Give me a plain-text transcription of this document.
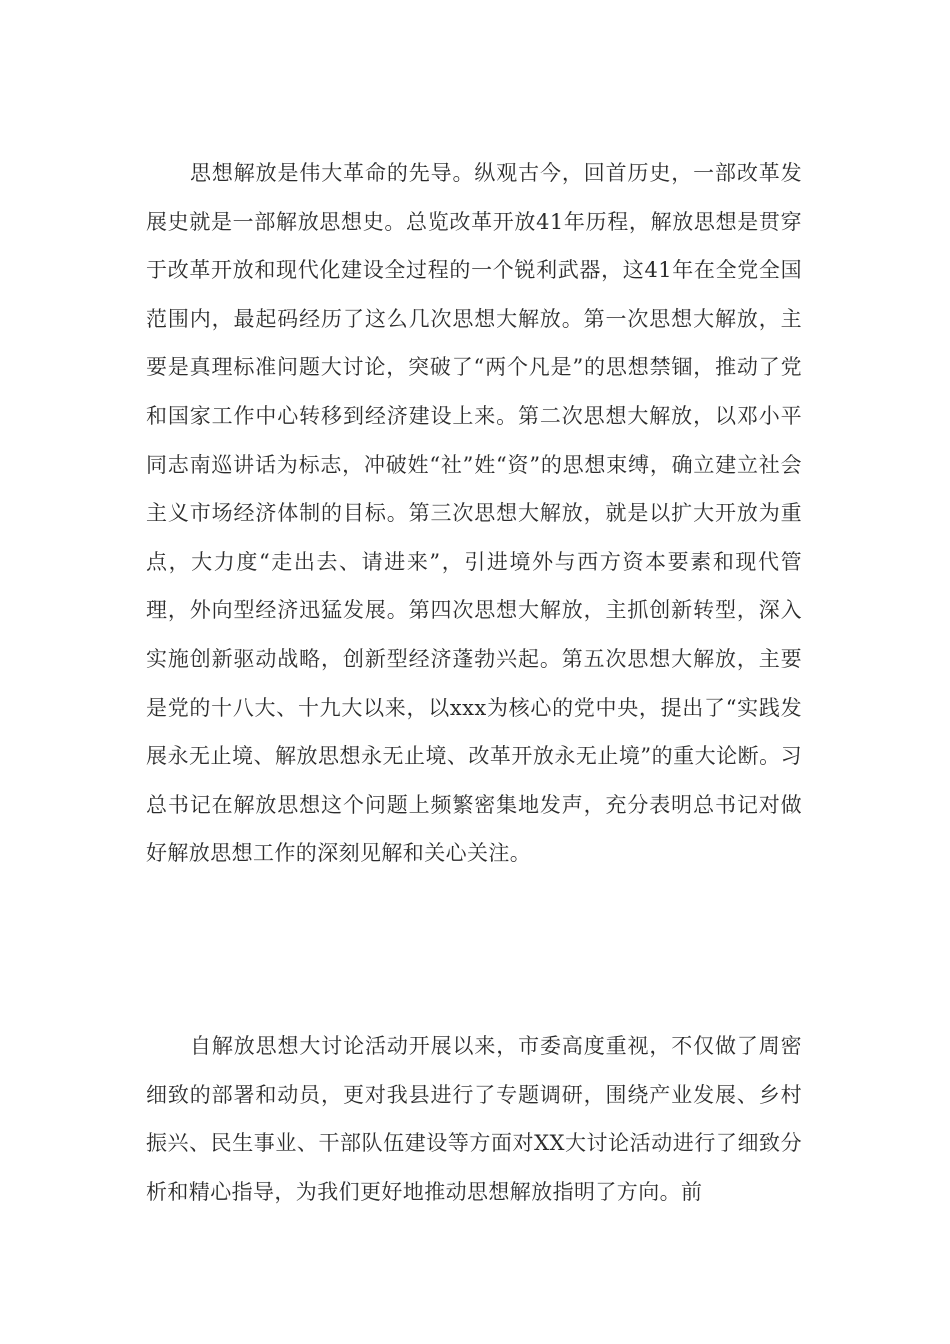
思想解放是伟大革命的先导。纵观古今，回首历史，一部改革发展史就是一部解放思想史。总览改革开放41年历程，解放思想是贯穿于改革开放和现代化建设全过程的一个锐利武器，这41年在全党全国范围内，最起码经历了这么几次思想大解放。第一次思想大解放，主要是真理标准问题大讨论，突破了“两个凡是”的思想禁锢，推动了党和国家工作中心转移到经济建设上来。第二次思想大解放，以邓小平同志南巡讲话为标志，冲破姓“社”姓“资”的思想束缚，确立建立社会主义市场经济体制的目标。第三次思想大解放，就是以扩大开放为重点，大力度“走出去、请进来”，引进境外与西方资本要素和现代管理，外向型经济迅猛发展。第四次思想大解放，主抓创新转型，深入实施创新驱动战略，创新型经济蓬勃兴起。第五次思想大解放，主要是党的十八大、十九大以来，以xxx为核心的党中央，提出了“实践发展永无止境、解放思想永无止境、改革开放永无止境”的重大论断。习总书记在解放思想这个问题上频繁密集地发声，充分表明总书记对做好解放思想工作的深刻见解和关心关注。

自解放思想大讨论活动开展以来，市委高度重视，不仅做了周密细致的部署和动员，更对我县进行了专题调研，围绕产业发展、乡村振兴、民生事业、干部队伍建设等方面对XX大讨论活动进行了细致分析和精心指导，为我们更好地推动思想解放指明了方向。前
